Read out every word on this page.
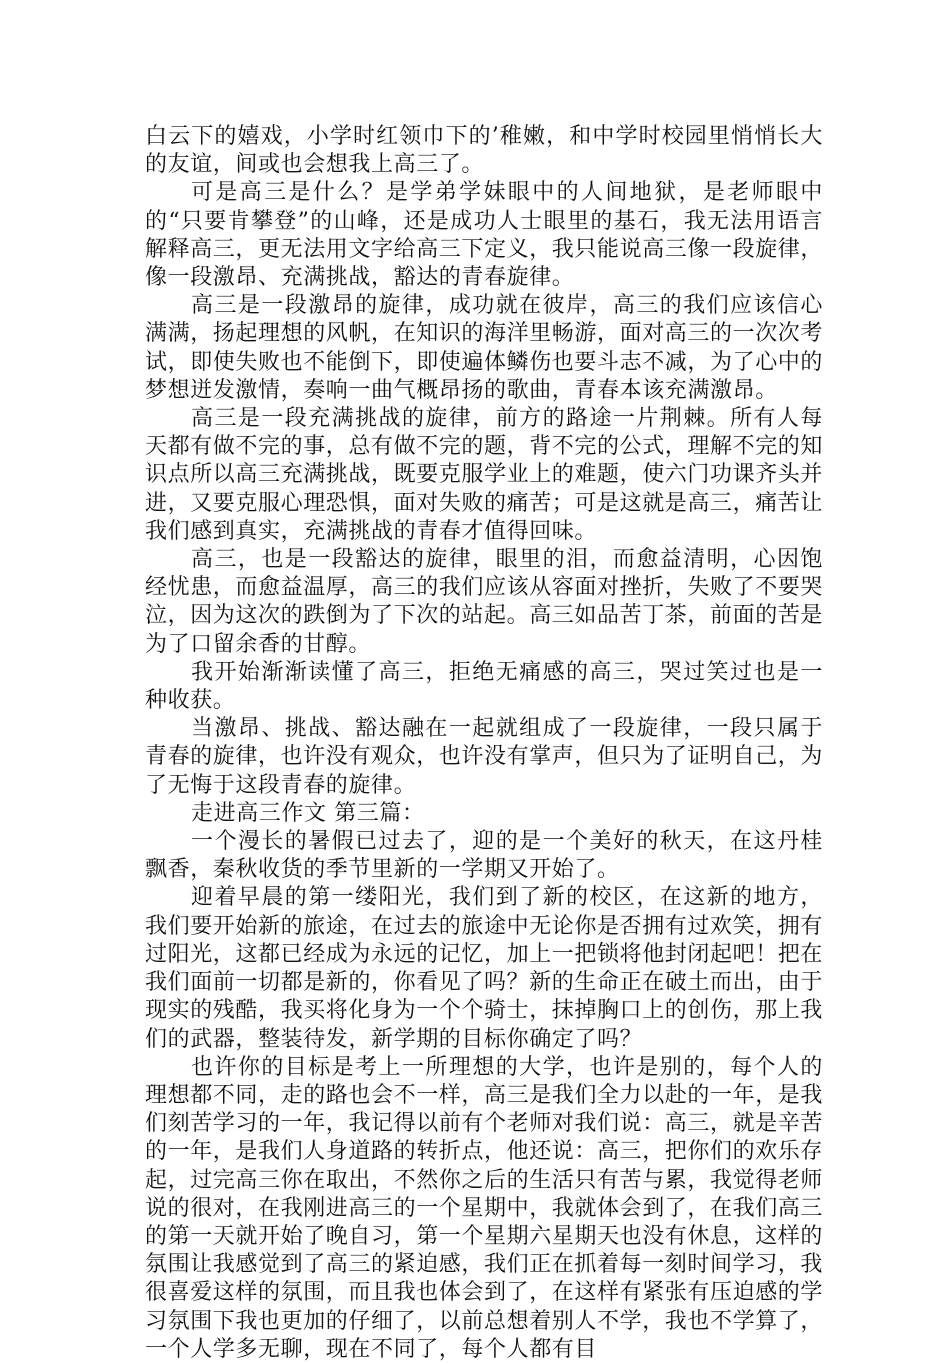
白云下的嬉戏，小学时红领巾下的’稚嫩，和中学时校园里悄悄长大的友谊，间或也会想我上高三了。

可是高三是什么？是学弟学妹眼中的人间地狱，是老师眼中的“只要肯攀登”的山峰，还是成功人士眼里的基石，我无法用语言解释高三，更无法用文字给高三下定义，我只能说高三像一段旋律，像一段激昂、充满挑战，豁达的青春旋律。

高三是一段激昂的旋律，成功就在彼岸，高三的我们应该信心满满，扬起理想的风帆，在知识的海洋里畅游，面对高三的一次次考试，即使失败也不能倒下，即使遍体鳞伤也要斗志不减，为了心中的梦想迸发激情，奏响一曲气概昂扬的歌曲，青春本该充满激昂。

高三是一段充满挑战的旋律，前方的路途一片荆棘。所有人每天都有做不完的事，总有做不完的题，背不完的公式，理解不完的知识点所以高三充满挑战，既要克服学业上的难题，使六门功课齐头并进，又要克服心理恐惧，面对失败的痛苦；可是这就是高三，痛苦让我们感到真实，充满挑战的青春才值得回味。

高三，也是一段豁达的旋律，眼里的泪，而愈益清明，心因饱经忧患，而愈益温厚，高三的我们应该从容面对挫折，失败了不要哭泣，因为这次的跌倒为了下次的站起。高三如品苦丁茶，前面的苦是为了口留余香的甘醇。

我开始渐渐读懂了高三，拒绝无痛感的高三，哭过笑过也是一种收获。

当激昂、挑战、豁达融在一起就组成了一段旋律，一段只属于青春的旋律，也许没有观众，也许没有掌声，但只为了证明自己，为了无悔于这段青春的旋律。

走进高三作文 第三篇：

一个漫长的暑假已过去了，迎的是一个美好的秋天，在这丹桂飘香，秦秋收货的季节里新的一学期又开始了。

迎着早晨的第一缕阳光，我们到了新的校区，在这新的地方，我们要开始新的旅途，在过去的旅途中无论你是否拥有过欢笑，拥有过阳光，这都已经成为永远的记忆，加上一把锁将他封闭起吧！把在我们面前一切都是新的，你看见了吗？新的生命正在破土而出，由于现实的残酷，我买将化身为一个个骑士，抹掉胸口上的创伤，那上我们的武器，整装待发，新学期的目标你确定了吗？

也许你的目标是考上一所理想的大学，也许是别的，每个人的理想都不同，走的路也会不一样，高三是我们全力以赴的一年，是我们刻苦学习的一年，我记得以前有个老师对我们说：高三，就是辛苦的一年，是我们人身道路的转折点，他还说：高三，把你们的欢乐存起，过完高三你在取出，不然你之后的生活只有苦与累，我觉得老师说的很对，在我刚进高三的一个星期中，我就体会到了，在我们高三的第一天就开始了晚自习，第一个星期六星期天也没有休息，这样的氛围让我感觉到了高三的紧迫感，我们正在抓着每一刻时间学习，我很喜爱这样的氛围，而且我也体会到了，在这样有紧张有压迫感的学习氛围下我也更加的仔细了，以前总想着别人不学，我也不学算了，一个人学多无聊，现在不同了，每个人都有目
